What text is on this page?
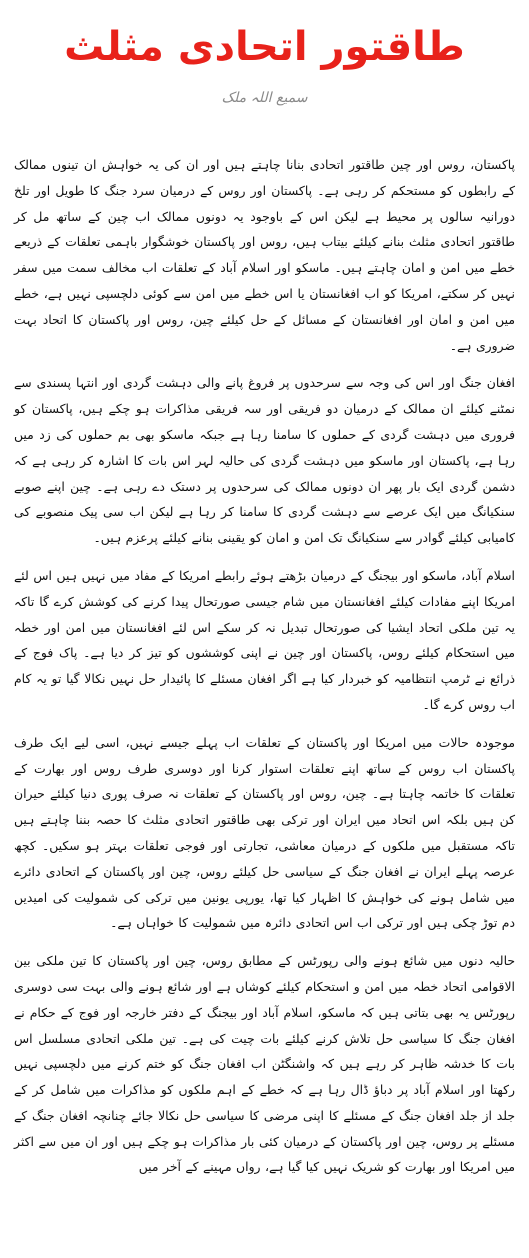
طاقتور اتحادی مثلث
سمیع اللہ ملک

پاکستان، روس اور چین طاقتور اتحادی بنانا چاہتے ہیں اور ان کی یہ خواہش ان تینوں ممالک کے رابطوں کو مستحکم کر رہی ہے۔ پاکستان اور روس کے درمیان سرد جنگ کا طویل اور تلخ دورانیہ سالوں پر محیط ہے لیکن اس کے باوجود یہ دونوں ممالک اب چین کے ساتھ مل کر طاقتور اتحادی مثلث بنانے کیلئے بیتاب ہیں، روس اور پاکستان خوشگوار باہمی تعلقات کے ذریعے خطے میں امن و امان چاہتے ہیں۔ ماسکو اور اسلام آباد کے تعلقات اب مخالف سمت میں سفر نہیں کر سکتے، امریکا کو اب افغانستان یا اس خطے میں امن سے کوئی دلچسپی نہیں ہے، خطے میں امن و امان اور افغانستان کے مسائل کے حل کیلئے چین، روس اور پاکستان کا اتحاد بہت ضروری ہے۔

افغان جنگ اور اس کی وجہ سے سرحدوں پر فروغ پانے والی دہشت گردی اور انتہا پسندی سے نمٹنے کیلئے ان ممالک کے درمیان دو فریقی اور سہ فریقی مذاکرات ہو چکے ہیں، پاکستان کو فروری میں دہشت گردی کے حملوں کا سامنا رہا ہے جبکہ ماسکو بھی بم حملوں کی زد میں رہا ہے، پاکستان اور ماسکو میں دہشت گردی کی حالیہ لہر اس بات کا اشارہ کر رہی ہے کہ دشمن گردی ایک بار پھر ان دونوں ممالک کی سرحدوں پر دستک دے رہی ہے۔ چین اپنے صوبے سنکیانگ میں ایک عرصے سے دہشت گردی کا سامنا کر رہا ہے لیکن اب سی پیک منصوبے کی کامیابی کیلئے گوادر سے سنکیانگ تک امن و امان کو یقینی بنانے کیلئے پرعزم ہیں۔

اسلام آباد، ماسکو اور بیجنگ کے درمیان بڑھتے ہوئے رابطے امریکا کے مفاد میں نہیں ہیں اس لئے امریکا اپنے مفادات کیلئے افغانستان میں شام جیسی صورتحال پیدا کرنے کی کوشش کرے گا تاکہ یہ تین ملکی اتحاد ایشیا کی صورتحال تبدیل نہ کر سکے اس لئے افغانستان میں امن اور خطہ میں استحکام کیلئے روس، پاکستان اور چین نے اپنی کوششوں کو تیز کر دیا ہے۔ پاک فوج کے ذرائع نے ٹرمپ انتظامیہ کو خبردار کیا ہے اگر افغان مسئلے کا پائیدار حل نہیں نکالا گیا تو یہ کام اب روس کرے گا۔

موجودہ حالات میں امریکا اور پاکستان کے تعلقات اب پہلے جیسے نہیں، اسی لیے ایک طرف پاکستان اب روس کے ساتھ اپنے تعلقات استوار کرنا اور دوسری طرف روس اور بھارت کے تعلقات کا خاتمہ چاہتا ہے۔ چین، روس اور پاکستان کے تعلقات نہ صرف پوری دنیا کیلئے حیران کن ہیں بلکہ اس اتحاد میں ایران اور ترکی بھی طاقتور اتحادی مثلث کا حصہ بننا چاہتے ہیں تاکہ مستقبل میں ملکوں کے درمیان معاشی، تجارتی اور فوجی تعلقات بہتر ہو سکیں۔ کچھ عرصہ پہلے ایران نے افغان جنگ کے سیاسی حل کیلئے روس، چین اور پاکستان کے اتحادی دائرے میں شامل ہونے کی خواہش کا اظہار کیا تھا، یورپی یونین میں ترکی کی شمولیت کی امیدیں دم توڑ چکی ہیں اور ترکی اب اس اتحادی دائرہ میں شمولیت کا خواہاں ہے۔

حالیہ دنوں میں شائع ہونے والی رپورٹس کے مطابق روس، چین اور پاکستان کا تین ملکی بین الاقوامی اتحاد خطہ میں امن و استحکام کیلئے کوشاں ہے اور شائع ہونے والی بہت سی دوسری رپورٹس یہ بھی بتاتی ہیں کہ ماسکو، اسلام آباد اور بیجنگ کے دفتر خارجہ اور فوج کے حکام نے افغان جنگ کا سیاسی حل تلاش کرنے کیلئے بات چیت کی ہے۔ تین ملکی اتحادی مسلسل اس بات کا خدشہ ظاہر کر رہے ہیں کہ واشنگٹن اب افغان جنگ کو ختم کرنے میں دلچسپی نہیں رکھتا اور اسلام آباد پر دباؤ ڈال رہا ہے کہ خطے کے اہم ملکوں کو مذاکرات میں شامل کر کے جلد از جلد افغان جنگ کے مسئلے کا اپنی مرضی کا سیاسی حل نکالا جائے چنانچہ افغان جنگ کے مسئلے پر روس، چین اور پاکستان کے درمیان کئی بار مذاکرات ہو چکے ہیں اور ان میں سے اکثر میں امریکا اور بھارت کو شریک نہیں کیا گیا ہے، رواں مہینے کے آخر میں
